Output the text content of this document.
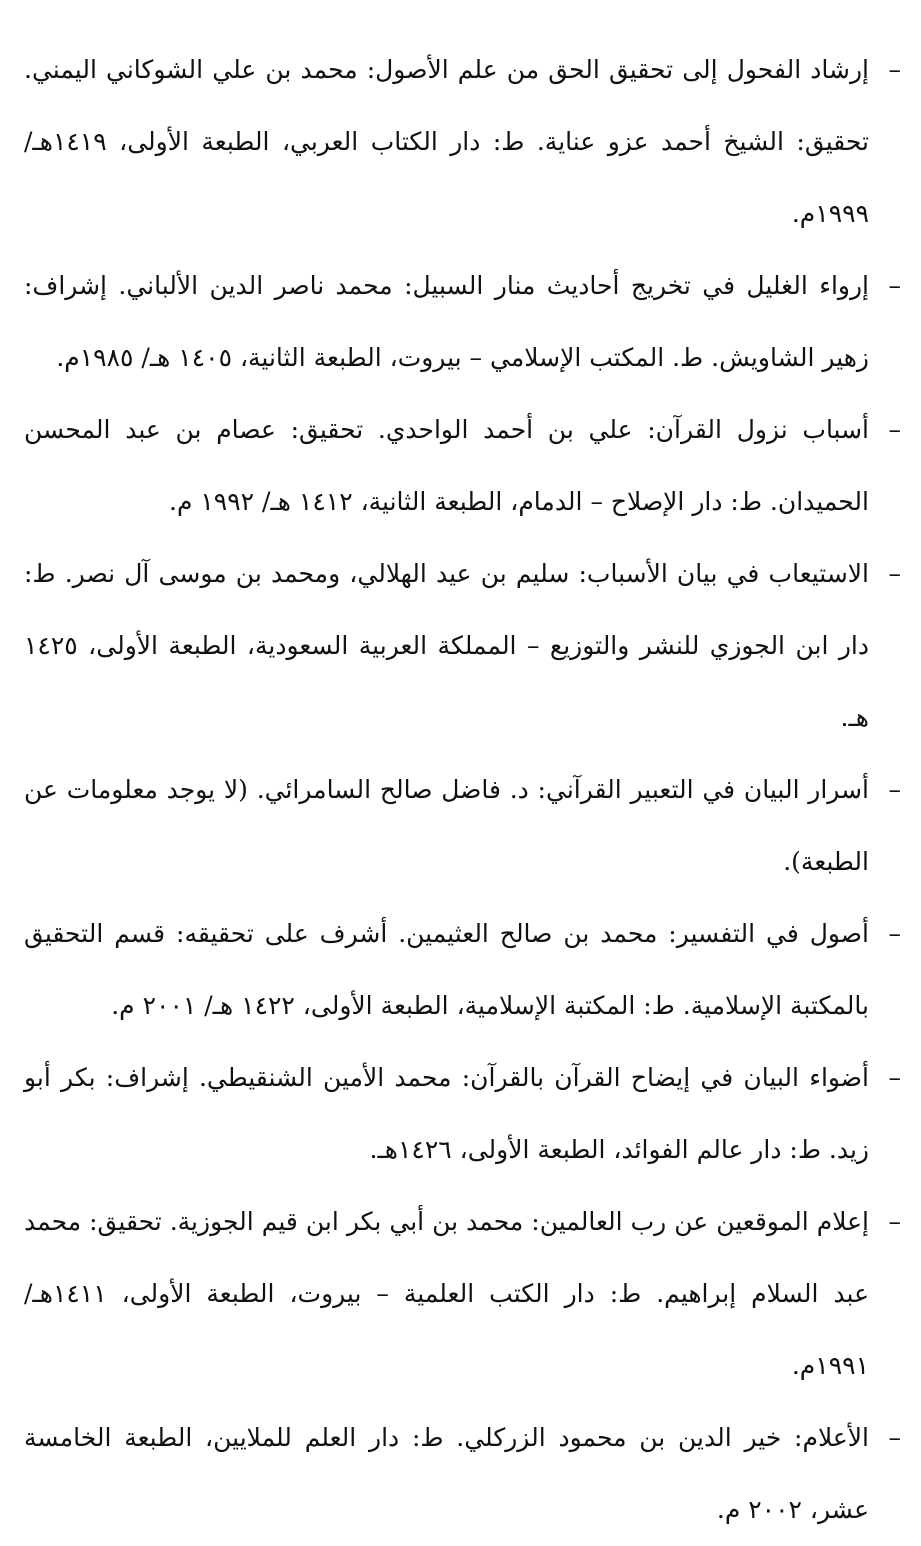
–
إرشاد الفحول إلى تحقيق الحق من علم الأصول: محمد بن علي الشوكاني اليمني. تحقيق: الشيخ أحمد عزو عناية. ط: دار الكتاب العربي، الطبعة الأولى، ١٤١٩هـ/ ١٩٩٩م.
–
إرواء الغليل في تخريج أحاديث منار السبيل: محمد ناصر الدين الألباني. إشراف: زهير الشاويش. ط. المكتب الإسلامي – بيروت، الطبعة الثانية، ١٤٠٥ هـ/ ١٩٨٥م.
–
أسباب نزول القرآن: علي بن أحمد الواحدي. تحقيق: عصام بن عبد المحسن الحميدان. ط: دار الإصلاح – الدمام، الطبعة الثانية، ١٤١٢ هـ/ ١٩٩٢ م.
–
الاستيعاب في بيان الأسباب: سليم بن عيد الهلالي، ومحمد بن موسى آل نصر. ط: دار ابن الجوزي للنشر والتوزيع – المملكة العربية السعودية، الطبعة الأولى، ١٤٢٥ هـ.
–
أسرار البيان في التعبير القرآني: د. فاضل صالح السامرائي. (لا يوجد معلومات عن الطبعة).
–
أصول في التفسير: محمد بن صالح العثيمين. أشرف على تحقيقه: قسم التحقيق بالمكتبة الإسلامية. ط: المكتبة الإسلامية، الطبعة الأولى، ١٤٢٢ هـ/ ٢٠٠١ م.
–
أضواء البيان في إيضاح القرآن بالقرآن: محمد الأمين الشنقيطي. إشراف: بكر أبو زيد. ط: دار عالم الفوائد، الطبعة الأولى، ١٤٢٦هـ.
–
إعلام الموقعين عن رب العالمين: محمد بن أبي بكر ابن قيم الجوزية. تحقيق: محمد عبد السلام إبراهيم. ط: دار الكتب العلمية – بيروت، الطبعة الأولى، ١٤١١هـ/ ١٩٩١م.
–
الأعلام: خير الدين بن محمود الزركلي. ط: دار العلم للملايين، الطبعة الخامسة عشر، ٢٠٠٢ م.
